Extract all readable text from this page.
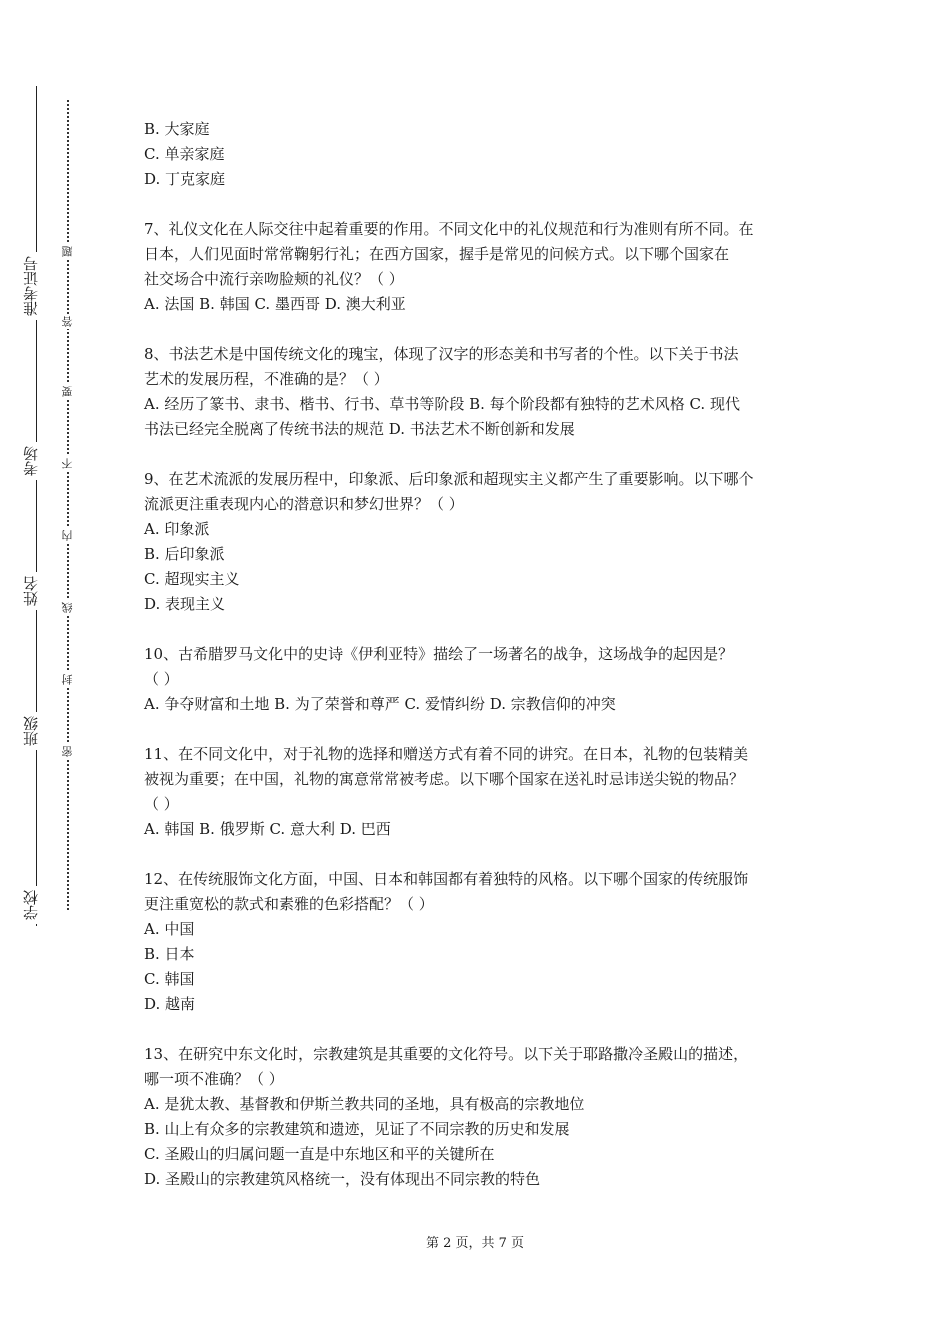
准考证号
考场
姓名
班级
学校
题
答
要
不
内
线
封
密
B. 大家庭
C. 单亲家庭
D. 丁克家庭
7、礼仪文化在人际交往中起着重要的作用。不同文化中的礼仪规范和行为准则有所不同。在
日本，人们见面时常常鞠躬行礼；在西方国家，握手是常见的问候方式。以下哪个国家在
社交场合中流行亲吻脸颊的礼仪？（ ）
A. 法国 B. 韩国 C. 墨西哥 D. 澳大利亚
8、书法艺术是中国传统文化的瑰宝，体现了汉字的形态美和书写者的个性。以下关于书法
艺术的发展历程，不准确的是？（ ）
A. 经历了篆书、隶书、楷书、行书、草书等阶段 B. 每个阶段都有独特的艺术风格 C. 现代
书法已经完全脱离了传统书法的规范 D. 书法艺术不断创新和发展
9、在艺术流派的发展历程中，印象派、后印象派和超现实主义都产生了重要影响。以下哪个
流派更注重表现内心的潜意识和梦幻世界？（ ）
A. 印象派
B. 后印象派
C. 超现实主义
D. 表现主义
10、古希腊罗马文化中的史诗《伊利亚特》描绘了一场著名的战争，这场战争的起因是？
（ ）
A. 争夺财富和土地 B. 为了荣誉和尊严 C. 爱情纠纷 D. 宗教信仰的冲突
11、在不同文化中，对于礼物的选择和赠送方式有着不同的讲究。在日本，礼物的包装精美
被视为重要；在中国，礼物的寓意常常被考虑。以下哪个国家在送礼时忌讳送尖锐的物品？
（ ）
A. 韩国 B. 俄罗斯 C. 意大利 D. 巴西
12、在传统服饰文化方面，中国、日本和韩国都有着独特的风格。以下哪个国家的传统服饰
更注重宽松的款式和素雅的色彩搭配？（ ）
A. 中国
B. 日本
C. 韩国
D. 越南
13、在研究中东文化时，宗教建筑是其重要的文化符号。以下关于耶路撒冷圣殿山的描述，
哪一项不准确？（ ）
A. 是犹太教、基督教和伊斯兰教共同的圣地，具有极高的宗教地位
B. 山上有众多的宗教建筑和遗迹，见证了不同宗教的历史和发展
C. 圣殿山的归属问题一直是中东地区和平的关键所在
D. 圣殿山的宗教建筑风格统一，没有体现出不同宗教的特色
第 2 页，共 7 页
